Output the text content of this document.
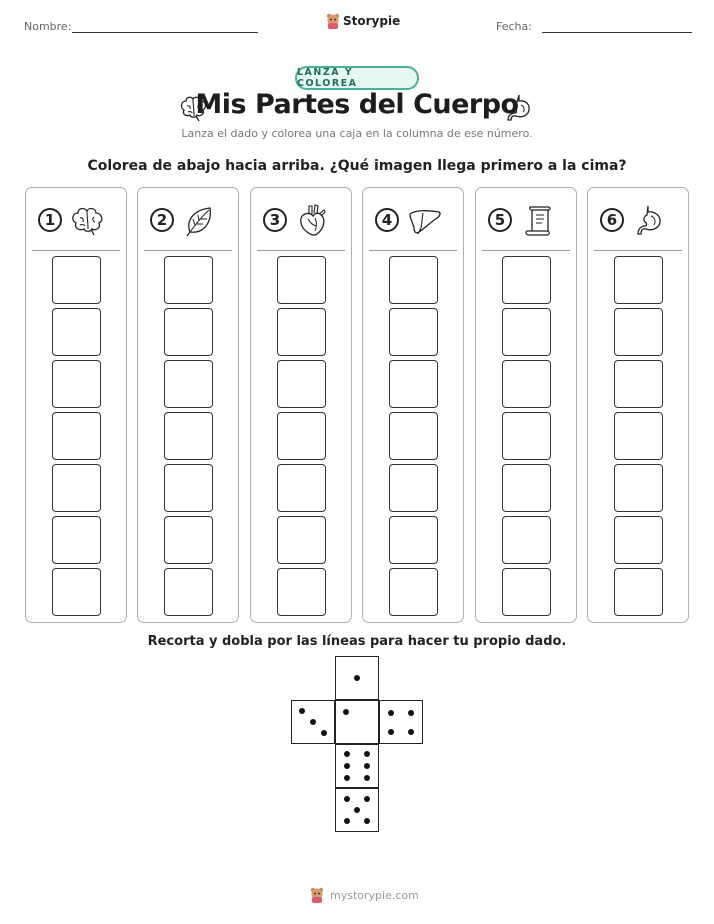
Nombre:	Fecha:
Storypie
LANZA Y COLOREA
Mis Partes del Cuerpo
Lanza el dado y colorea una caja en la columna de ese número.
Colorea de abajo hacia arriba. ¿Qué imagen llega primero a la cima?
1	2	3	4	5	6
Recorta y dobla por las líneas para hacer tu propio dado.
mystorypie.com
